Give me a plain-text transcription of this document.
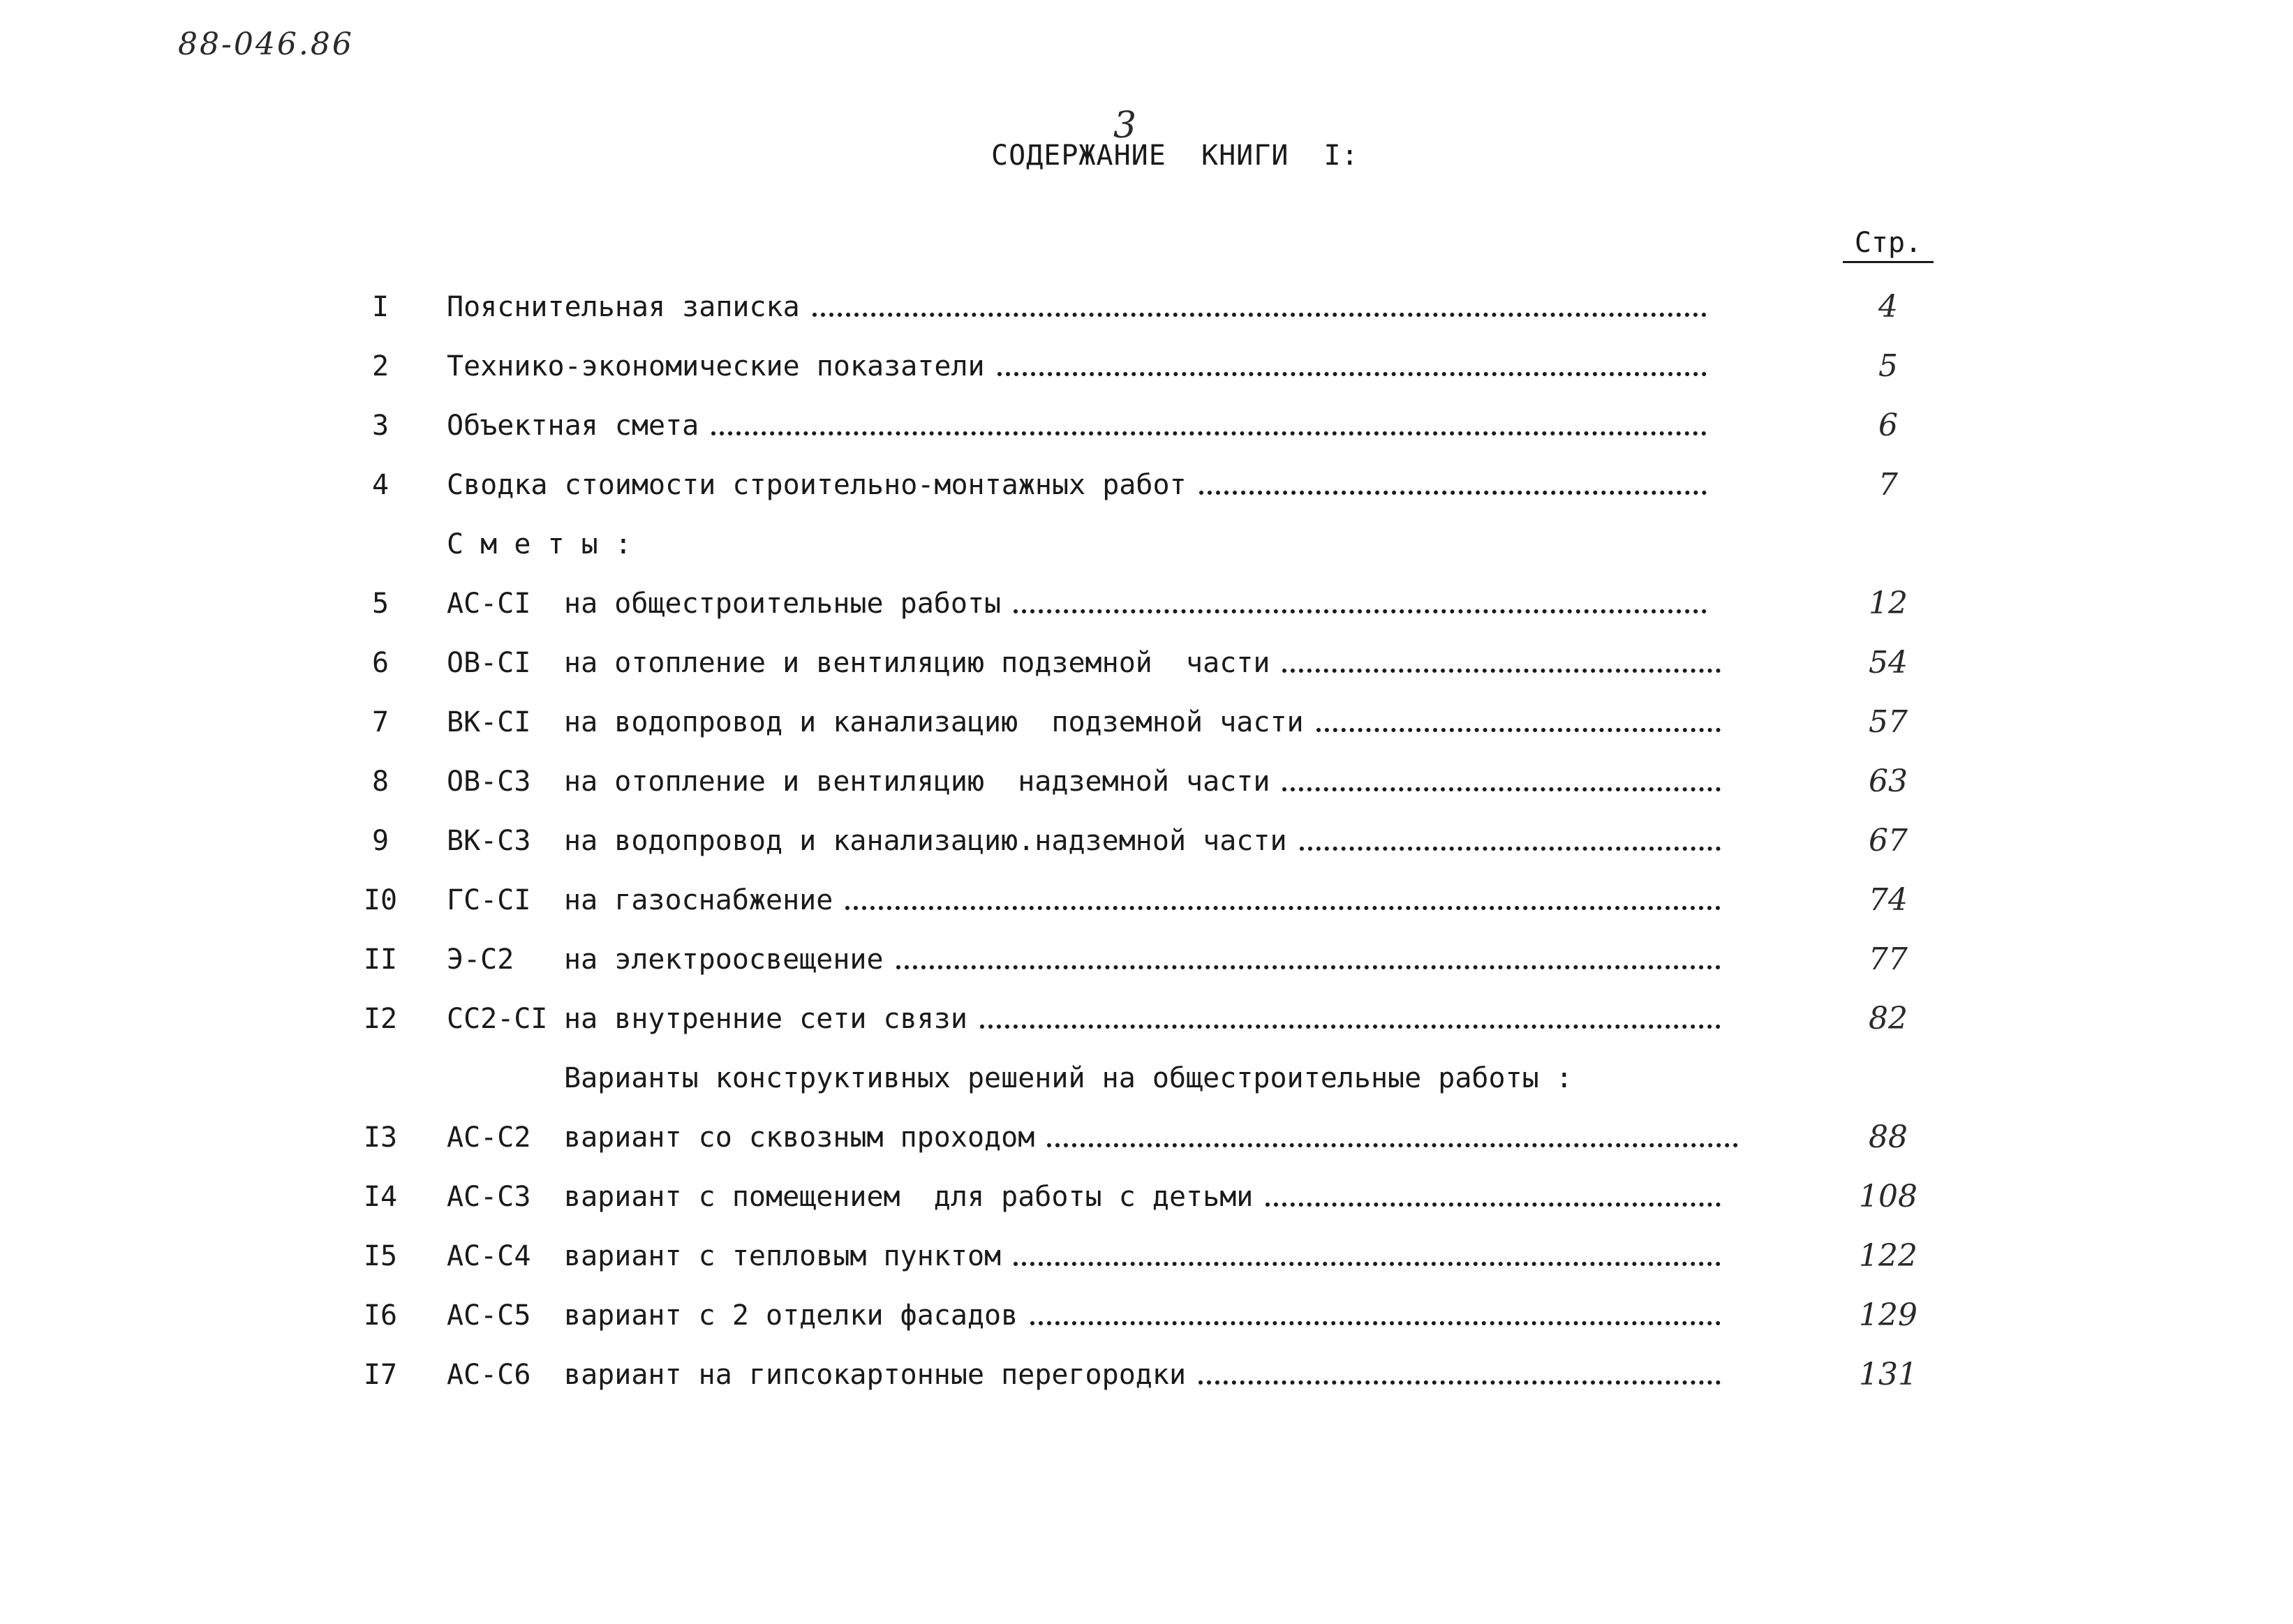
88-046.86
3
СОДЕРЖАНИЕ  КНИГИ  I:
Стр.
С м е т ы :
Варианты конструктивных решений на общестроительные работы :
I	Пояснительная записка	4
2	Технико-экономические показатели	5
3	Объектная смета	6
4	Сводка стоимости строительно-монтажных работ	7
5	АС-СI на общестроительные работы	12
6	ОВ-СI на отопление и вентиляцию подземной  части	54
7	ВК-СI на водопровод и канализацию  подземной части	57
8	ОВ-С3 на отопление и вентиляцию  надземной части	63
9	ВК-С3 на водопровод и канализацию.надземной части	67
I0	ГС-СI на газоснабжение	74
II	Э-С2 на электроосвещение	77
I2	СС2-СI на внутренние сети связи	82
I3	АС-С2 вариант со сквозным проходом	88
I4	АС-С3 вариант с помещением  для работы с детьми	108
I5	АС-С4 вариант с тепловым пунктом	122
I6	АС-С5 вариант с 2 отделки фасадов	129
I7	АС-С6 вариант на гипсокартонные перегородки	131
